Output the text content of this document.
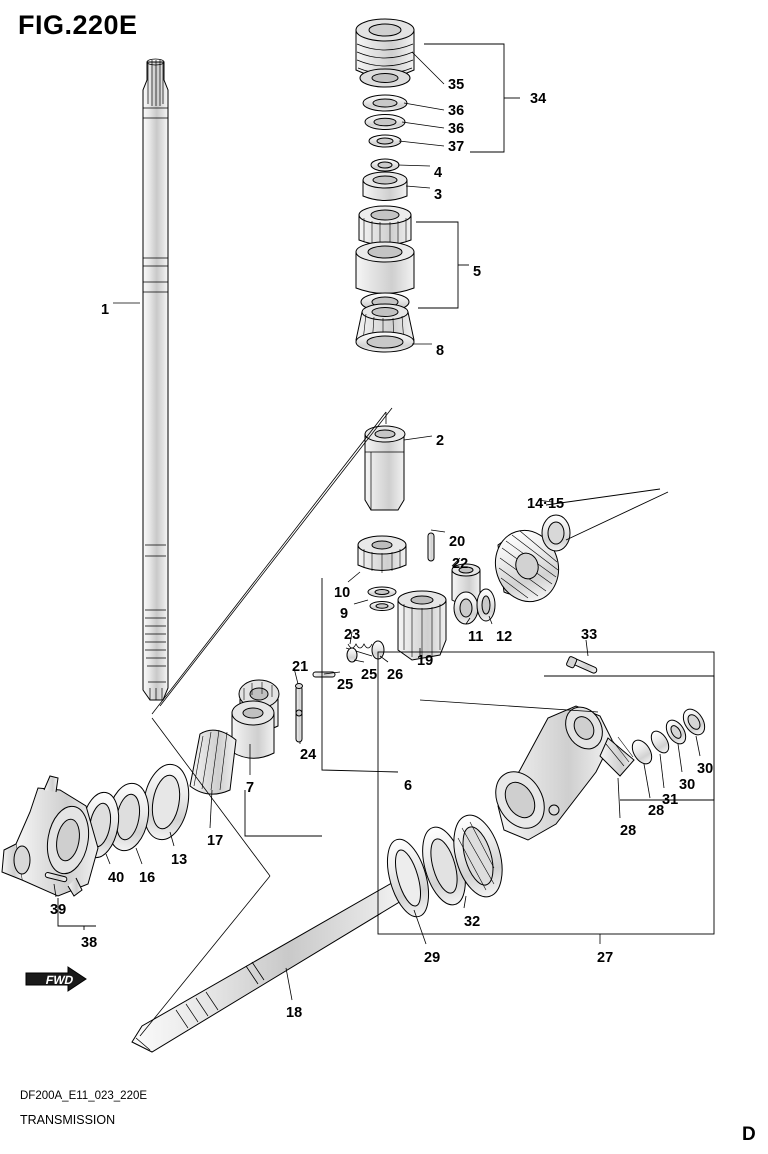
FIG.220E
FWD
1
2
3
4
5
6
7
8
9
10
11 12
13
14·15
16
17
18
19
20
21
22
23
24
25
25 26
27
28
28
29
30
30
31
32
33
34
35
36
36
37
38
39
40
DF200A_E11_023_220E
TRANSMISSION
D
